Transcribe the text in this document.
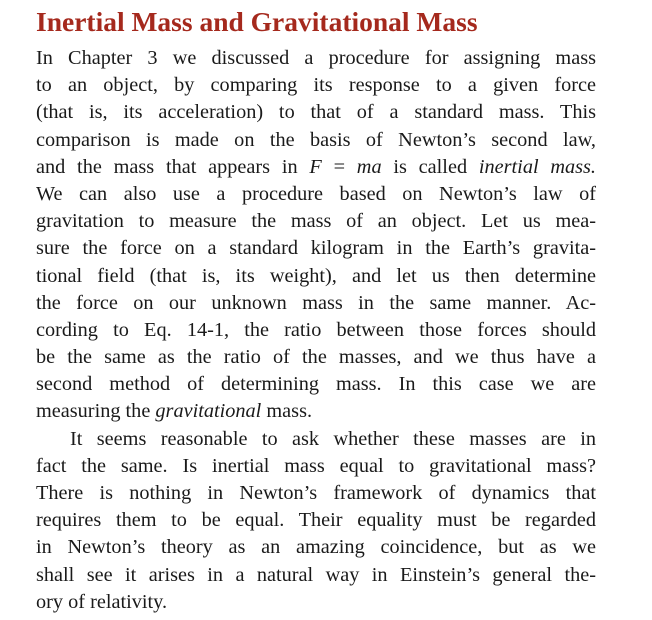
Inertial Mass and Gravitational Mass

In Chapter 3 we discussed a procedure for assigning mass
to an object, by comparing its response to a given force
(that is, its acceleration) to that of a standard mass. This
comparison is made on the basis of Newton’s second law,
and the mass that appears in F = ma is called inertial mass.
We can also use a procedure based on Newton’s law of
gravitation to measure the mass of an object. Let us mea-
sure the force on a standard kilogram in the Earth’s gravita-
tional field (that is, its weight), and let us then determine
the force on our unknown mass in the same manner. Ac-
cording to Eq. 14-1, the ratio between those forces should
be the same as the ratio of the masses, and we thus have a
second method of determining mass. In this case we are
measuring the gravitational mass.

It seems reasonable to ask whether these masses are in
fact the same. Is inertial mass equal to gravitational mass?
There is nothing in Newton’s framework of dynamics that
requires them to be equal. Their equality must be regarded
in Newton’s theory as an amazing coincidence, but as we
shall see it arises in a natural way in Einstein’s general the-
ory of relativity.
